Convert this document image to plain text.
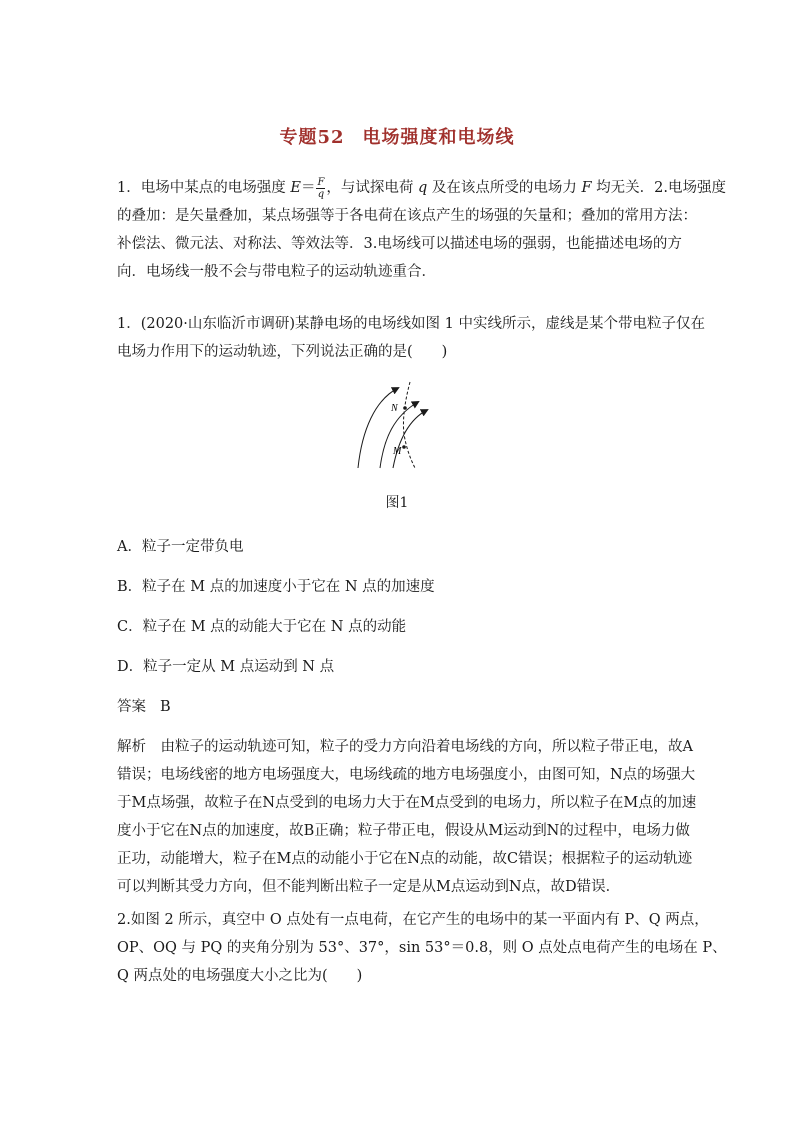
专题52 电场强度和电场线
1．电场中某点的电场强度 $E= \frac{F}{q}$ ，与试探电荷 q 及在该点所受的电场力 F 均无关．2.电场强度
的叠加：是矢量叠加，某点场强等于各电荷在该点产生的场强的矢量和；叠加的常用方法：
补偿法、微元法、对称法、等效法等．3.电场线可以描述电场的强弱，也能描述电场的方
向．电场线一般不会与带电粒子的运动轨迹重合．
1．(2020·山东临沂市调研)某静电场的电场线如图 1 中实线所示，虚线是某个带电粒子仅在
电场力作用下的运动轨迹，下列说法正确的是(　　)
N
M
图1
A．粒子一定带负电
B．粒子在 M 点的加速度小于它在 N 点的加速度
C．粒子在 M 点的动能大于它在 N 点的动能
D．粒子一定从 M 点运动到 N 点
答案 B
解析　由粒子的运动轨迹可知，粒子的受力方向沿着电场线的方向，所以粒子带正电，故A
错误；电场线密的地方电场强度大，电场线疏的地方电场强度小，由图可知，N点的场强大
于M点场强，故粒子在N点受到的电场力大于在M点受到的电场力，所以粒子在M点的加速
度小于它在N点的加速度，故B正确；粒子带正电，假设从M运动到N的过程中，电场力做
正功，动能增大，粒子在M点的动能小于它在N点的动能，故C错误；根据粒子的运动轨迹
可以判断其受力方向，但不能判断出粒子一定是从M点运动到N点，故D错误．
2.如图 2 所示，真空中 O 点处有一点电荷，在它产生的电场中的某一平面内有 P、Q 两点，
OP、OQ 与 PQ 的夹角分别为 53°、37°，sin 53°＝0.8，则 O 点处点电荷产生的电场在 P、
Q 两点处的电场强度大小之比为(　　)
